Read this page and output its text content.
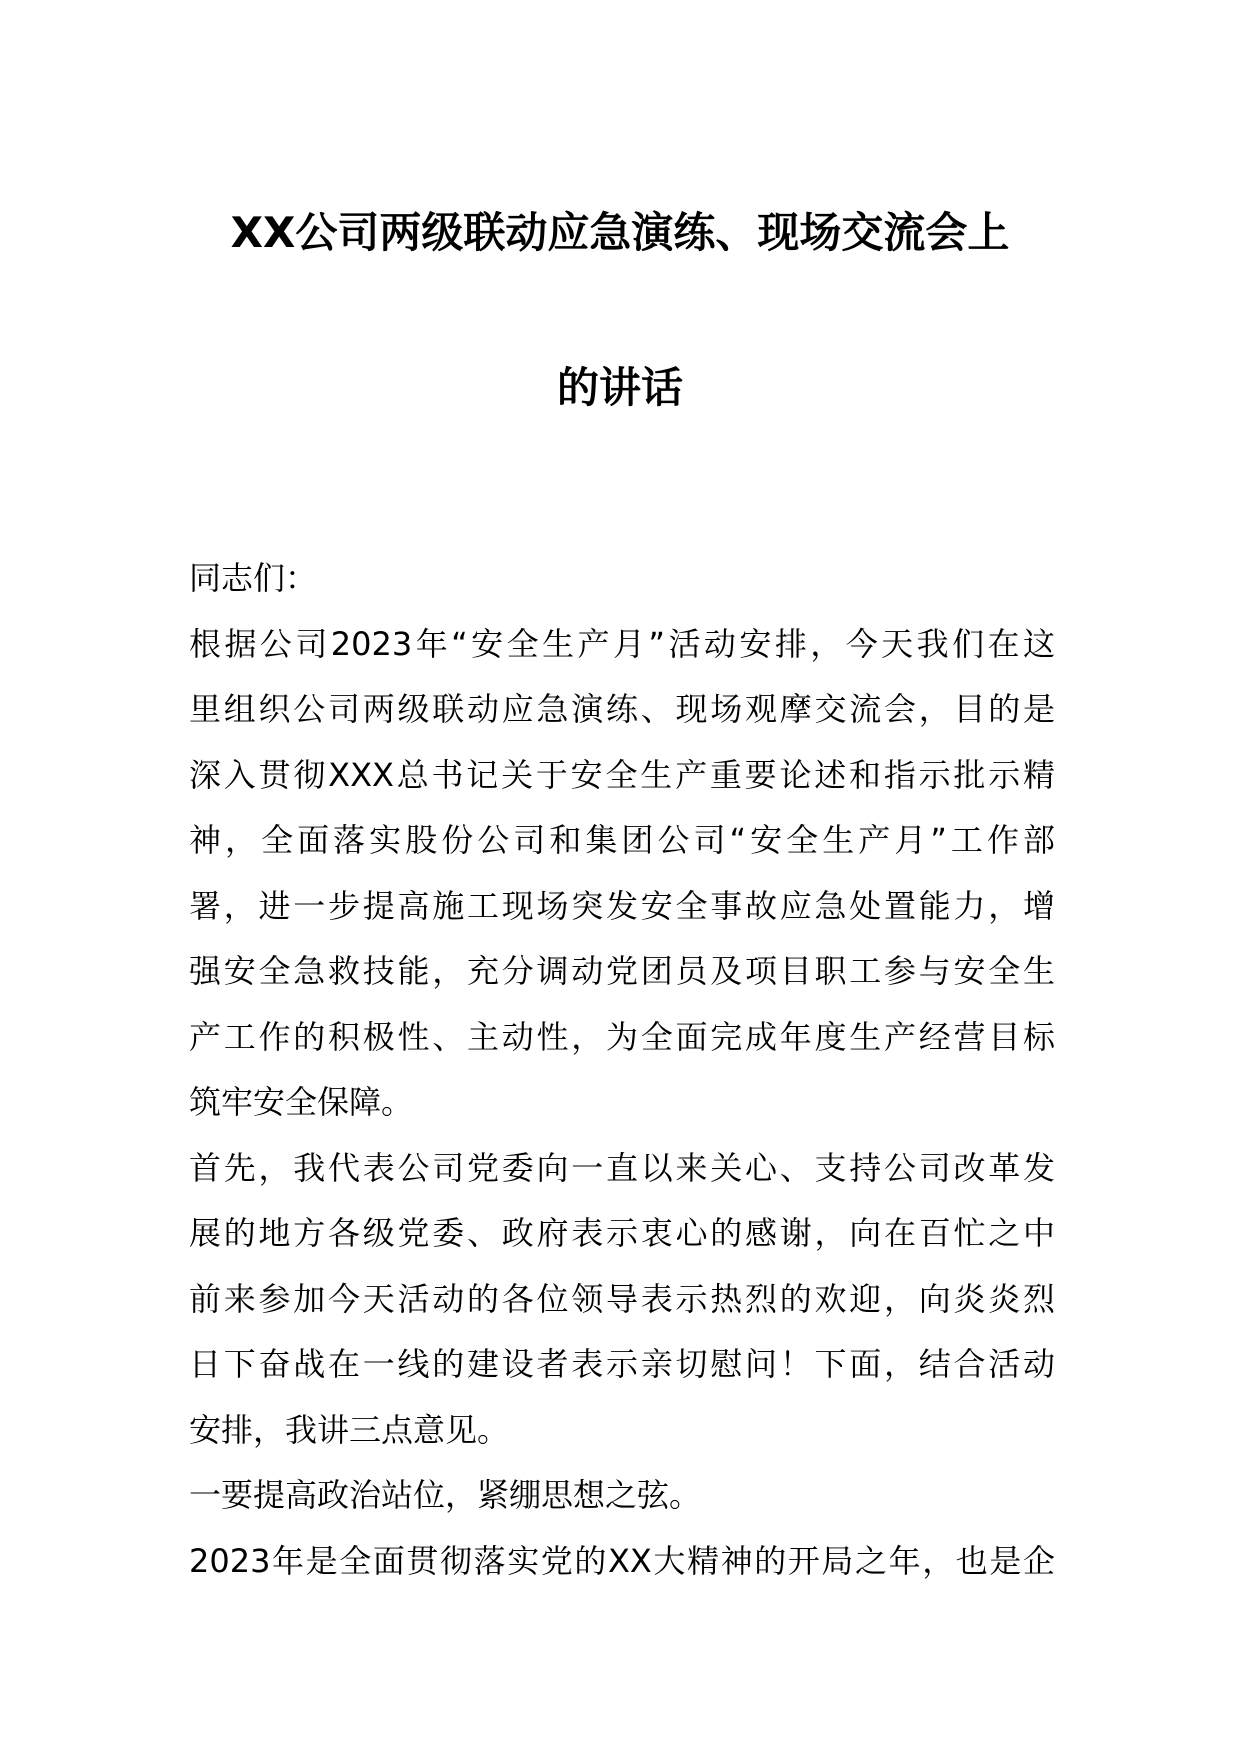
XX公司两级联动应急演练、现场交流会上
的讲话
同志们：
根据公司2023年“安全生产月”活动安排，今天我们在这
里组织公司两级联动应急演练、现场观摩交流会，目的是
深入贯彻XXX总书记关于安全生产重要论述和指示批示精
神，全面落实股份公司和集团公司“安全生产月”工作部
署，进一步提高施工现场突发安全事故应急处置能力，增
强安全急救技能，充分调动党团员及项目职工参与安全生
产工作的积极性、主动性，为全面完成年度生产经营目标
筑牢安全保障。
首先，我代表公司党委向一直以来关心、支持公司改革发
展的地方各级党委、政府表示衷心的感谢，向在百忙之中
前来参加今天活动的各位领导表示热烈的欢迎，向炎炎烈
日下奋战在一线的建设者表示亲切慰问！下面，结合活动
安排，我讲三点意见。
一要提高政治站位，紧绷思想之弦。
2023年是全面贯彻落实党的XX大精神的开局之年，也是企
